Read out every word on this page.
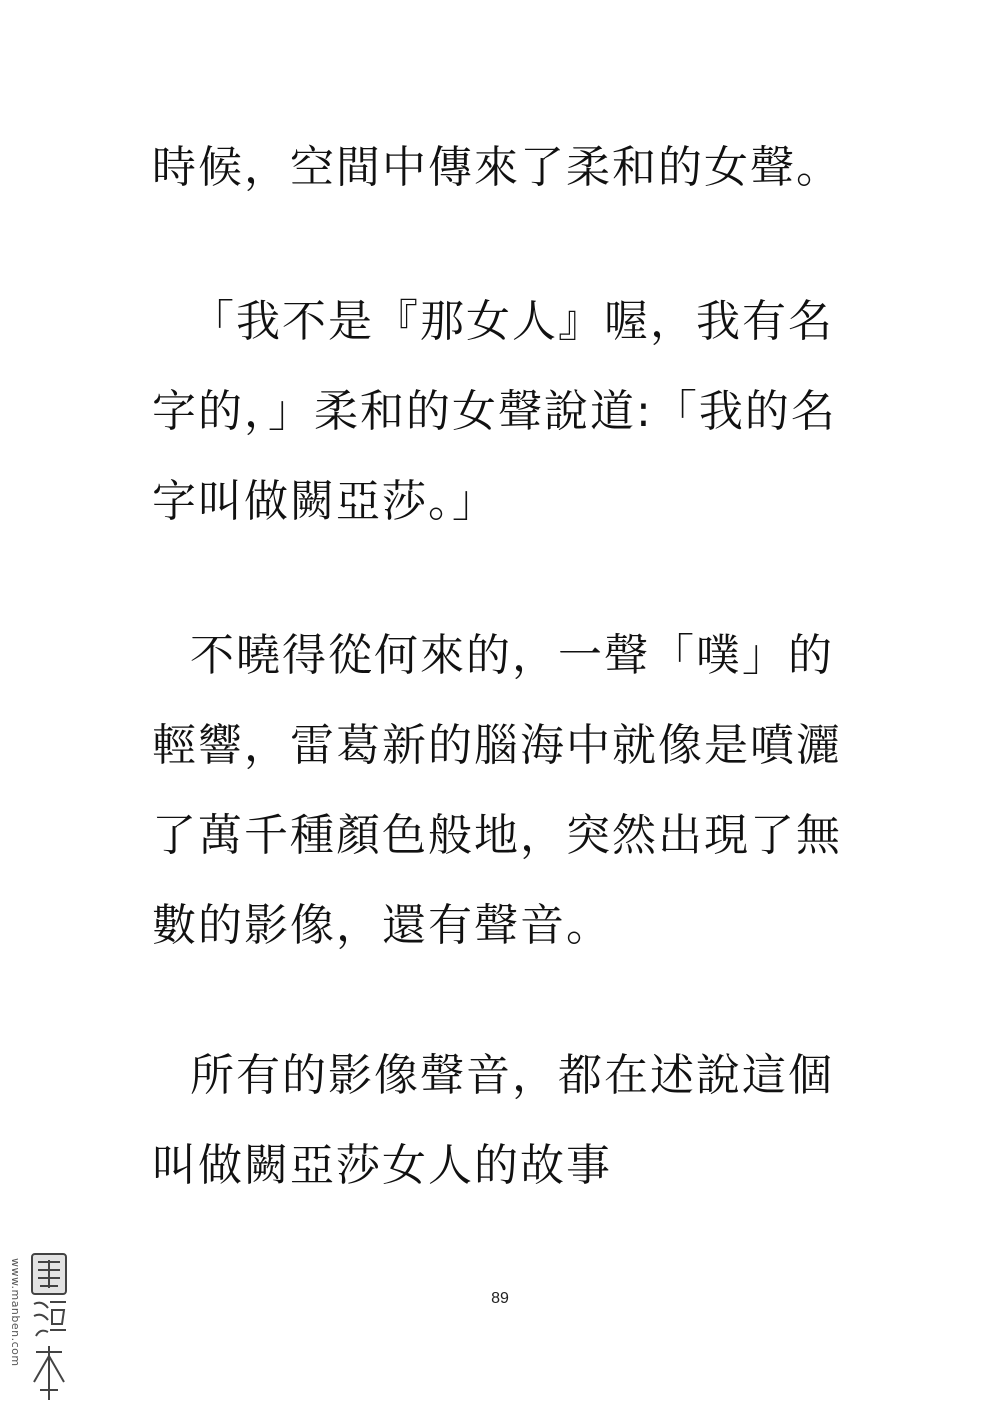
時候，空間中傳來了柔和的女聲。
「我不是『那女人』喔，我有名
字的，」柔和的女聲說道:「我的名
字叫做闕亞莎。」
不曉得從何來的，一聲「噗」的
輕響，雷葛新的腦海中就像是噴灑
了萬千種顏色般地，突然出現了無
數的影像，還有聲音。
所有的影像聲音，都在述說這個
叫做闕亞莎女人的故事
89
www.manben.com
